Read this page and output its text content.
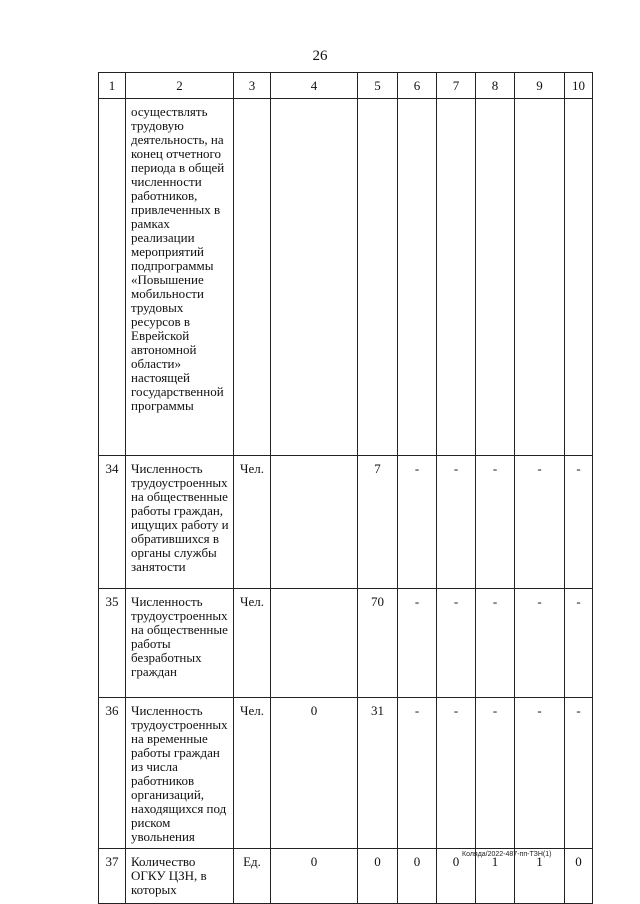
26
1	2	3	4	5	6	7	8	9	10
	осуществлять трудовую деятельность, на конец отчетного периода в общей численности работников, привлеченных в рамках реализации мероприятий подпрограммы «Повышение мобильности трудовых ресурсов в Еврейской автономной области» настоящей государственной программы								
34	Численность трудоустроенных на общественные работы граждан, ищущих работу и обратившихся в органы службы занятости	Чел.		7	-	-	-	-	-
35	Численность трудоустроенных на общественные работы безработных граждан	Чел.		70	-	-	-	-	-
36	Численность трудоустроенных на временные работы граждан из числа работников организаций, находящихся под риском увольнения	Чел.	0	31	-	-	-	-	-
37	Количество ОГКУ ЦЗН, в которых	Ед.	0	0	0	0	1	1	0
Коляда/2022-487-пп-ТЗН(1)
